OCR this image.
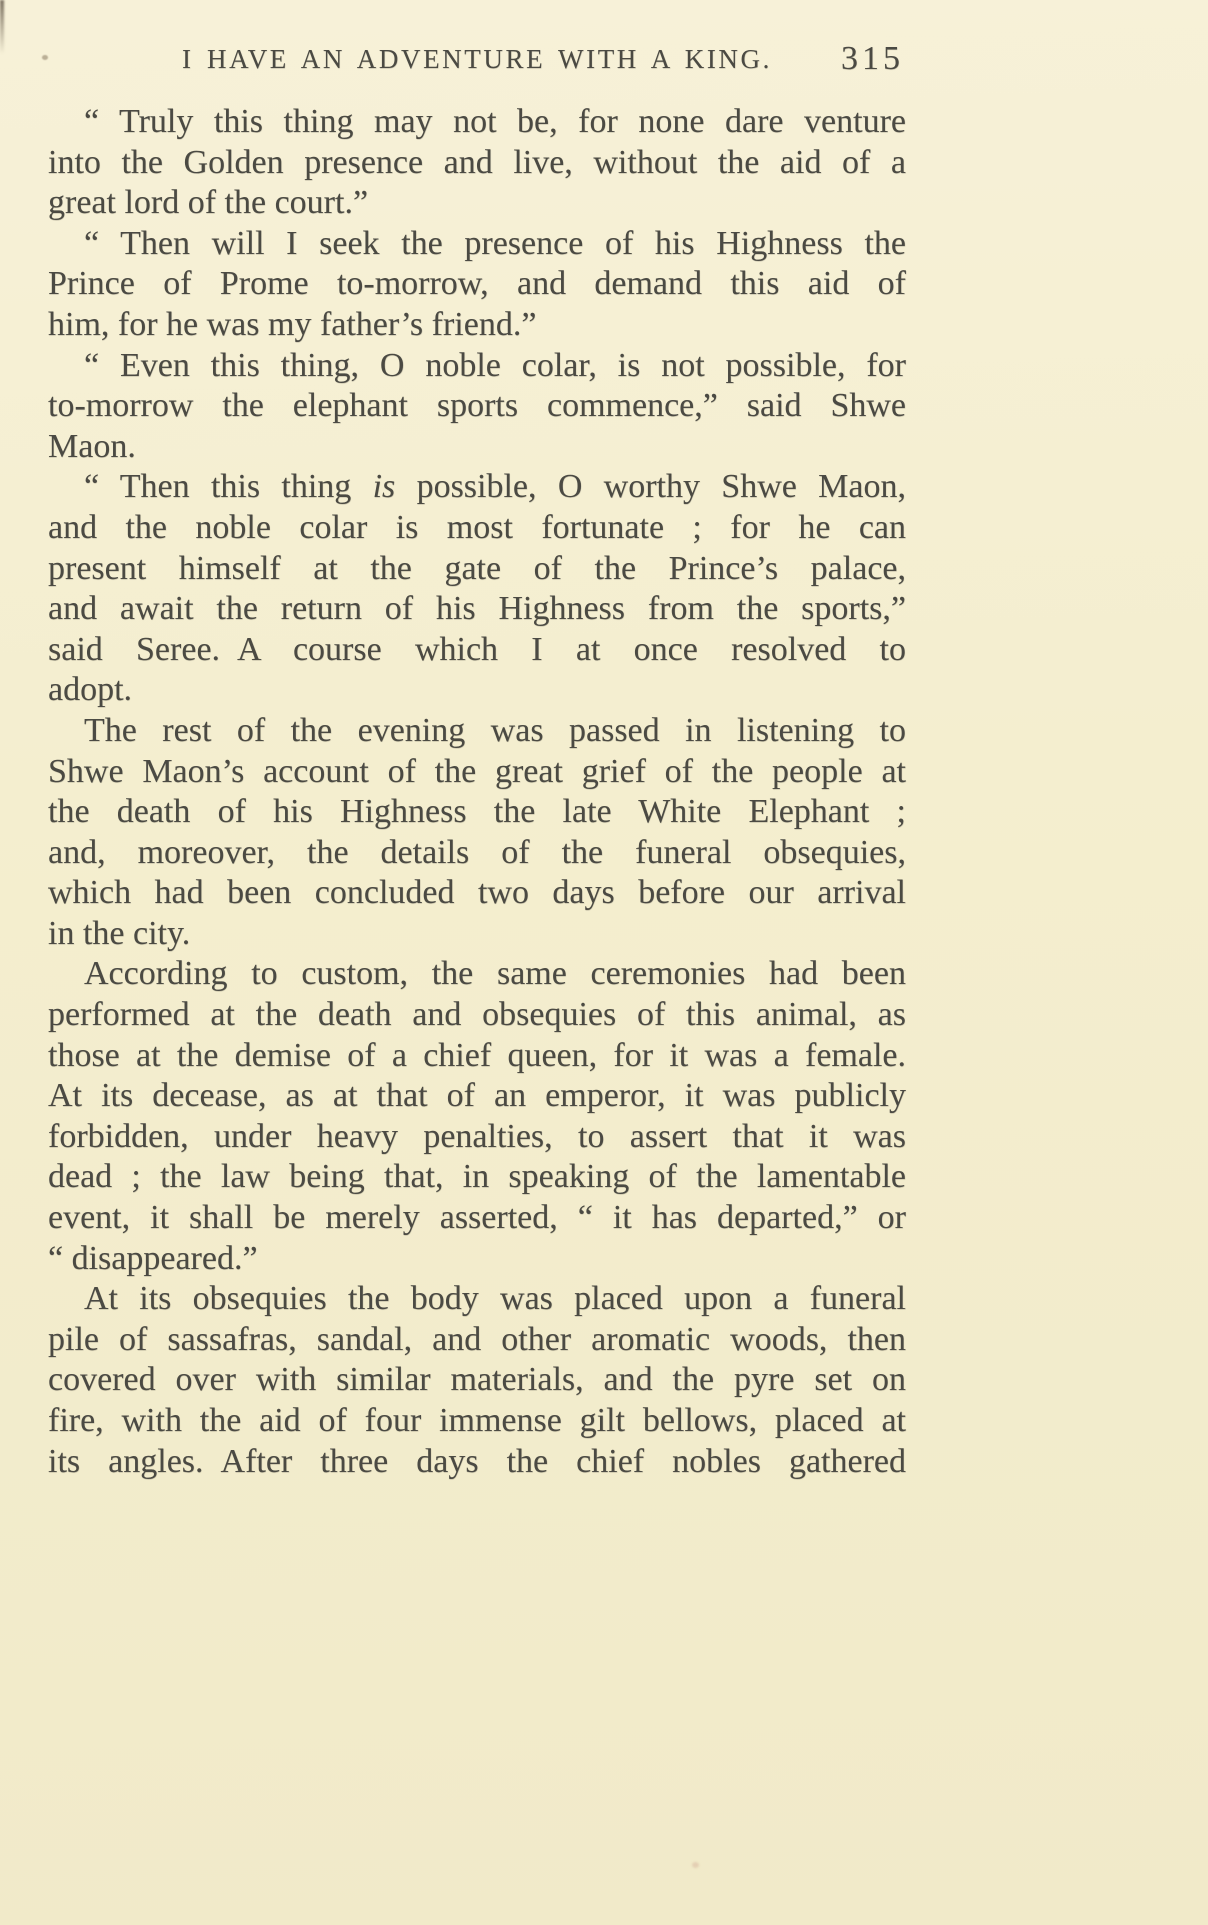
I HAVE AN ADVENTURE WITH A KING.	315
“ Truly this thing may not be, for none dare venture
into the Golden presence and live, without the aid of a
great lord of the court.”
“ Then will I seek the presence of his Highness the
Prince of Prome to-morrow, and demand this aid of
him, for he was my father’s friend.”
“ Even this thing, O noble colar, is not possible, for
to-morrow the elephant sports commence,” said Shwe
Maon.
“ Then this thing is possible, O worthy Shwe Maon,
and the noble colar is most fortunate ; for he can
present himself at the gate of the Prince’s palace,
and await the return of his Highness from the sports,”
said Seree. A course which I at once resolved to
adopt.
The rest of the evening was passed in listening to
Shwe Maon’s account of the great grief of the people at
the death of his Highness the late White Elephant ;
and, moreover, the details of the funeral obsequies,
which had been concluded two days before our arrival
in the city.
According to custom, the same ceremonies had been
performed at the death and obsequies of this animal, as
those at the demise of a chief queen, for it was a female.
At its decease, as at that of an emperor, it was publicly
forbidden, under heavy penalties, to assert that it was
dead ; the law being that, in speaking of the lamentable
event, it shall be merely asserted, “ it has departed,” or
“ disappeared.”
At its obsequies the body was placed upon a funeral
pile of sassafras, sandal, and other aromatic woods, then
covered over with similar materials, and the pyre set on
fire, with the aid of four immense gilt bellows, placed at
its angles. After three days the chief nobles gathered
